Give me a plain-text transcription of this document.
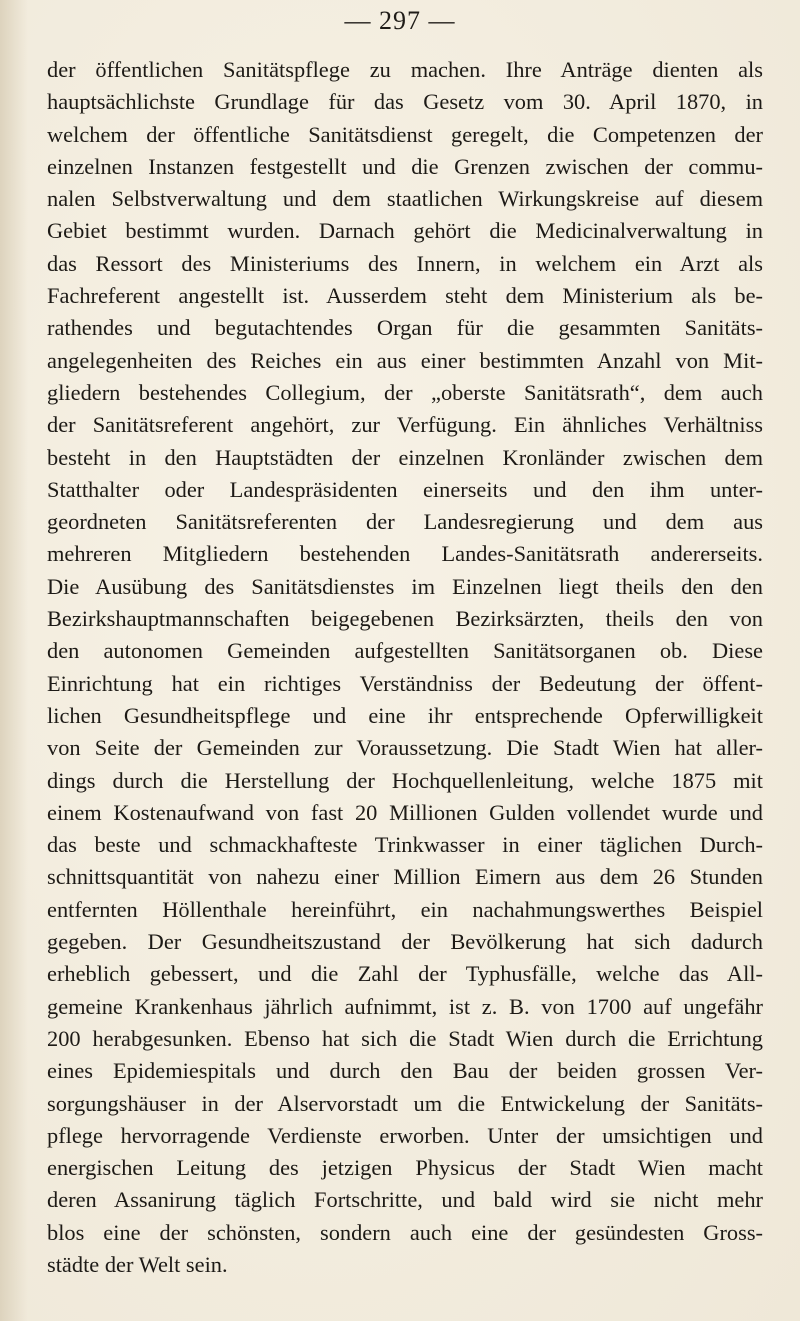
— 297 —
der öffentlichen Sanitätspflege zu machen. Ihre Anträge dienten als
hauptsächlichste Grundlage für das Gesetz vom 30. April 1870, in
welchem der öffentliche Sanitätsdienst geregelt, die Competenzen der
einzelnen Instanzen festgestellt und die Grenzen zwischen der commu-
nalen Selbstverwaltung und dem staatlichen Wirkungskreise auf diesem
Gebiet bestimmt wurden. Darnach gehört die Medicinalverwaltung in
das Ressort des Ministeriums des Innern, in welchem ein Arzt als
Fachreferent angestellt ist. Ausserdem steht dem Ministerium als be-
rathendes und begutachtendes Organ für die gesammten Sanitäts-
angelegenheiten des Reiches ein aus einer bestimmten Anzahl von Mit-
gliedern bestehendes Collegium, der „oberste Sanitätsrath“, dem auch
der Sanitätsreferent angehört, zur Verfügung. Ein ähnliches Verhältniss
besteht in den Hauptstädten der einzelnen Kronländer zwischen dem
Statthalter oder Landespräsidenten einerseits und den ihm unter-
geordneten Sanitätsreferenten der Landesregierung und dem aus
mehreren Mitgliedern bestehenden Landes-Sanitätsrath andererseits.
Die Ausübung des Sanitätsdienstes im Einzelnen liegt theils den den
Bezirkshauptmannschaften beigegebenen Bezirksärzten, theils den von
den autonomen Gemeinden aufgestellten Sanitätsorganen ob. Diese
Einrichtung hat ein richtiges Verständniss der Bedeutung der öffent-
lichen Gesundheitspflege und eine ihr entsprechende Opferwilligkeit
von Seite der Gemeinden zur Voraussetzung. Die Stadt Wien hat aller-
dings durch die Herstellung der Hochquellenleitung, welche 1875 mit
einem Kostenaufwand von fast 20 Millionen Gulden vollendet wurde und
das beste und schmackhafteste Trinkwasser in einer täglichen Durch-
schnittsquantität von nahezu einer Million Eimern aus dem 26 Stunden
entfernten Höllenthale hereinführt, ein nachahmungswerthes Beispiel
gegeben. Der Gesundheitszustand der Bevölkerung hat sich dadurch
erheblich gebessert, und die Zahl der Typhusfälle, welche das All-
gemeine Krankenhaus jährlich aufnimmt, ist z. B. von 1700 auf ungefähr
200 herabgesunken. Ebenso hat sich die Stadt Wien durch die Errichtung
eines Epidemiespitals und durch den Bau der beiden grossen Ver-
sorgungshäuser in der Alservorstadt um die Entwickelung der Sanitäts-
pflege hervorragende Verdienste erworben. Unter der umsichtigen und
energischen Leitung des jetzigen Physicus der Stadt Wien macht
deren Assanirung täglich Fortschritte, und bald wird sie nicht mehr
blos eine der schönsten, sondern auch eine der gesündesten Gross-
städte der Welt sein.
